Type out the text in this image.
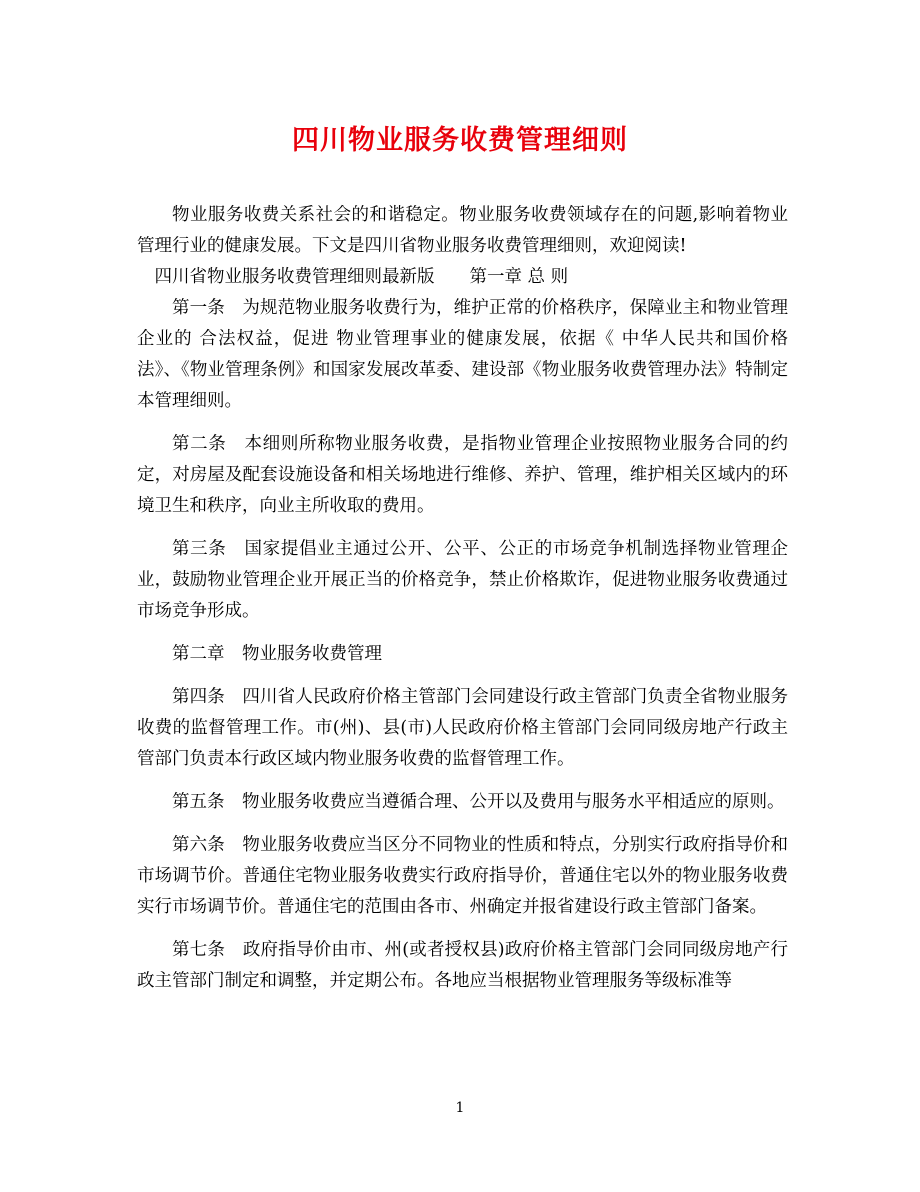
四川物业服务收费管理细则

物业服务收费关系社会的和谐稳定。物业服务收费领域存在的问题,影响着物业管理行业的健康发展。下文是四川省物业服务收费管理细则，欢迎阅读!

四川省物业服务收费管理细则最新版　　第一章 总 则

第一条　为规范物业服务收费行为，维护正常的价格秩序，保障业主和物业管理企业的 合法权益，促进 物业管理事业的健康发展，依据《 中华人民共和国价格法》、《物业管理条例》和国家发展改革委、建设部《物业服务收费管理办法》特制定本管理细则。

第二条　本细则所称物业服务收费，是指物业管理企业按照物业服务合同的约定，对房屋及配套设施设备和相关场地进行维修、养护、管理，维护相关区域内的环境卫生和秩序，向业主所收取的费用。

第三条　国家提倡业主通过公开、公平、公正的市场竞争机制选择物业管理企业，鼓励物业管理企业开展正当的价格竞争，禁止价格欺诈，促进物业服务收费通过市场竞争形成。

第二章　物业服务收费管理

第四条　四川省人民政府价格主管部门会同建设行政主管部门负责全省物业服务收费的监督管理工作。市(州)、县(市)人民政府价格主管部门会同同级房地产行政主管部门负责本行政区域内物业服务收费的监督管理工作。

第五条　物业服务收费应当遵循合理、公开以及费用与服务水平相适应的原则。

第六条　物业服务收费应当区分不同物业的性质和特点，分别实行政府指导价和市场调节价。普通住宅物业服务收费实行政府指导价，普通住宅以外的物业服务收费实行市场调节价。普通住宅的范围由各市、州确定并报省建设行政主管部门备案。

第七条　政府指导价由市、州(或者授权县)政府价格主管部门会同同级房地产行政主管部门制定和调整，并定期公布。各地应当根据物业管理服务等级标准等

1
